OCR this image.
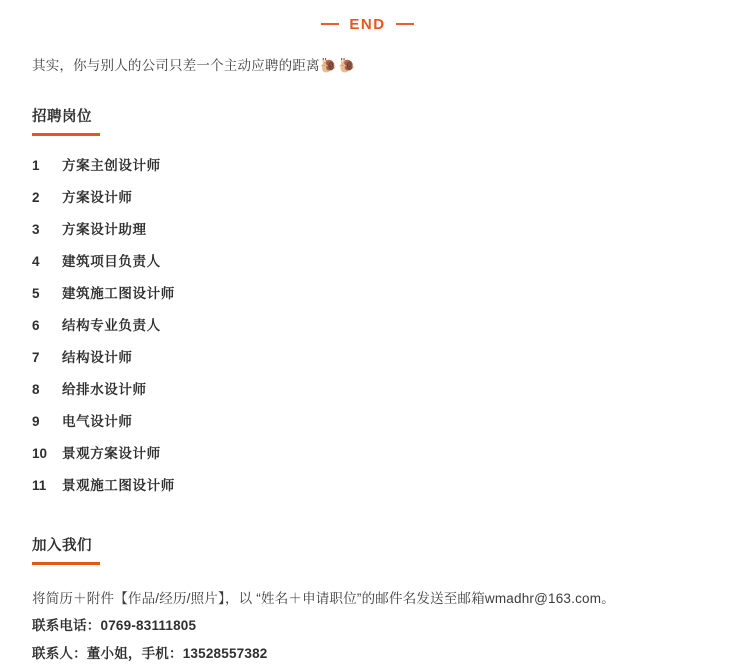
END

其实，你与别人的公司只差一个主动应聘的距离🐌🐌

招聘岗位
1	方案主创设计师
2	方案设计师
3	方案设计助理
4	建筑项目负责人
5	建筑施工图设计师
6	结构专业负责人
7	结构设计师
8	给排水设计师
9	电气设计师
10	景观方案设计师
11	景观施工图设计师
加入我们
将简历＋附件【作品/经历/照片】，以 “姓名＋申请职位”的邮件名发送至邮箱wmadhr@163.com。
联系电话：0769-83111805
联系人：董小姐，手机：13528557382
